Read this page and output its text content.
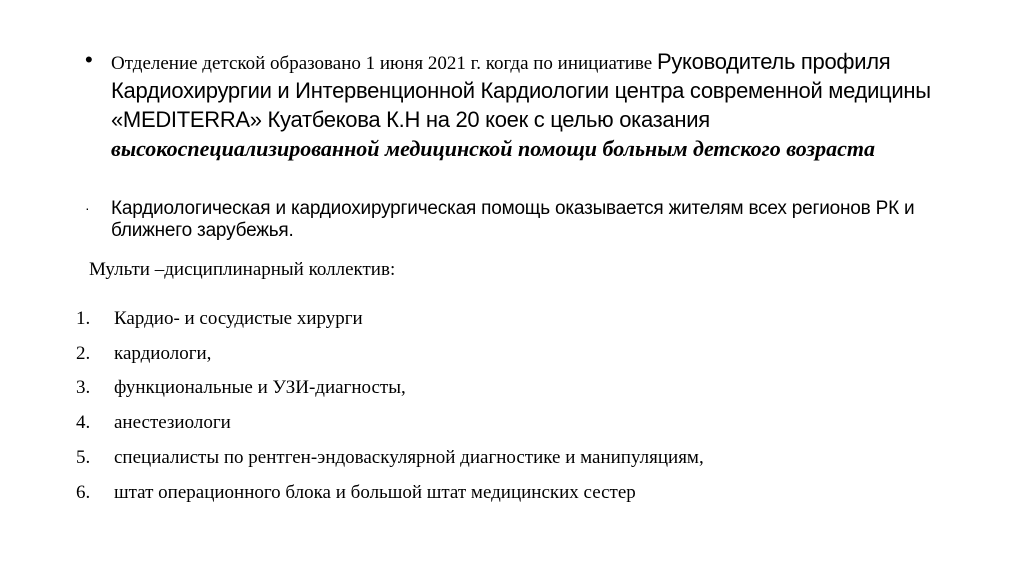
• Отделение детской образовано 1 июня 2021 г. когда по инициативе Руководитель профиля Кардиохирургии и Интервенционной Кардиологии центра современной медицины «MEDITERRA» Куатбекова К.Н на 20 коек с целью оказания высокоспециализированной медицинской помощи больным детского возраста
· Кардиологическая и кардиохирургическая помощь оказывается жителям всех регионов РК и ближнего зарубежья.
Мульти –дисциплинарный коллектив:
1. Кардио- и сосудистые хирурги
2. кардиологи,
3. функциональные и УЗИ-диагносты,
4. анестезиологи
5. специалисты по рентген-эндоваскулярной диагностике и манипуляциям,
6. штат операционного блока и большой штат медицинских сестер
